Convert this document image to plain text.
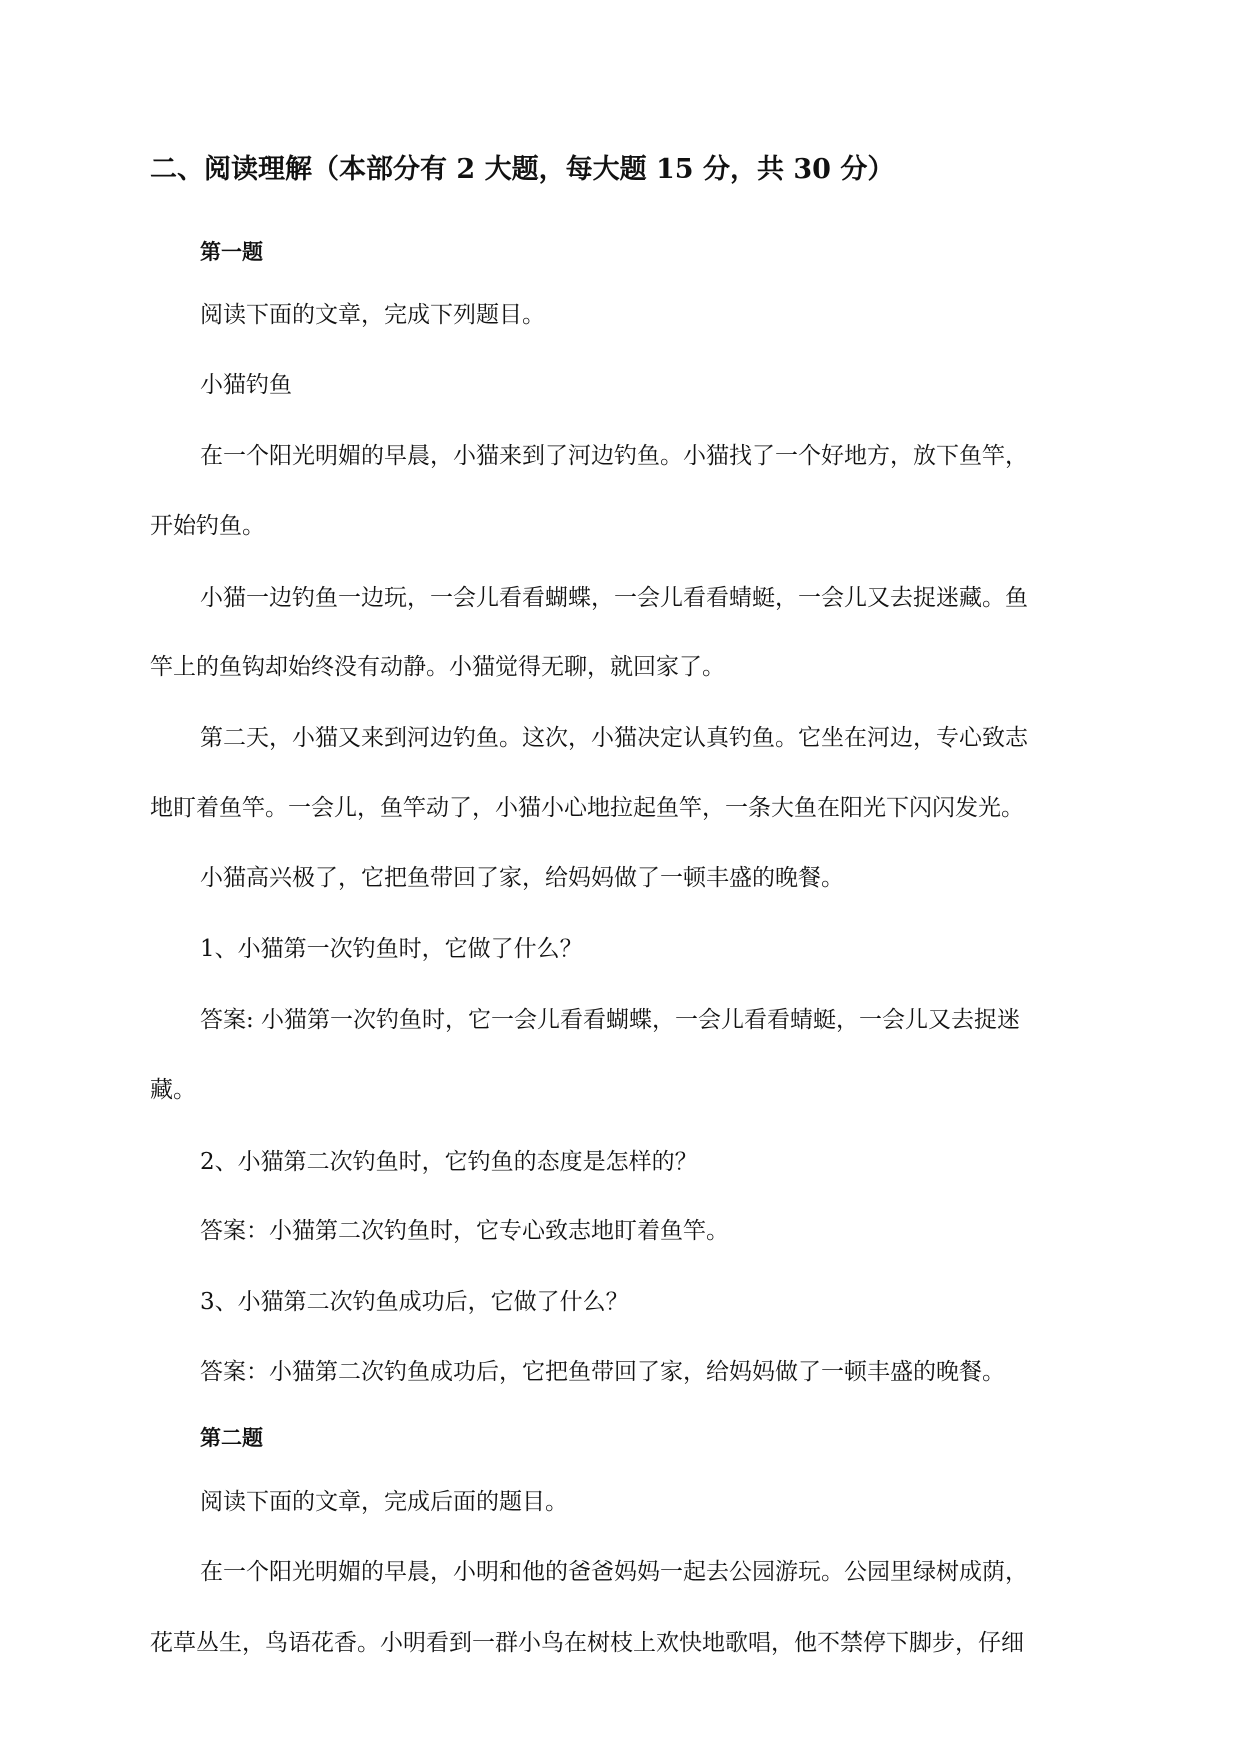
二、阅读理解（本部分有 2 大题，每大题 15 分，共 30 分）
第一题
阅读下面的文章，完成下列题目。
小猫钓鱼
在一个阳光明媚的早晨，小猫来到了河边钓鱼。小猫找了一个好地方，放下鱼竿，
开始钓鱼。
小猫一边钓鱼一边玩，一会儿看看蝴蝶，一会儿看看蜻蜓，一会儿又去捉迷藏。鱼
竿上的鱼钩却始终没有动静。小猫觉得无聊，就回家了。
第二天，小猫又来到河边钓鱼。这次，小猫决定认真钓鱼。它坐在河边，专心致志
地盯着鱼竿。一会儿，鱼竿动了，小猫小心地拉起鱼竿，一条大鱼在阳光下闪闪发光。
小猫高兴极了，它把鱼带回了家，给妈妈做了一顿丰盛的晚餐。
1、小猫第一次钓鱼时，它做了什么？
答案: 小猫第一次钓鱼时，它一会儿看看蝴蝶，一会儿看看蜻蜓，一会儿又去捉迷
藏。
2、小猫第二次钓鱼时，它钓鱼的态度是怎样的？
答案：小猫第二次钓鱼时，它专心致志地盯着鱼竿。
3、小猫第二次钓鱼成功后，它做了什么？
答案：小猫第二次钓鱼成功后，它把鱼带回了家，给妈妈做了一顿丰盛的晚餐。
第二题
阅读下面的文章，完成后面的题目。
在一个阳光明媚的早晨，小明和他的爸爸妈妈一起去公园游玩。公园里绿树成荫，
花草丛生，鸟语花香。小明看到一群小鸟在树枝上欢快地歌唱，他不禁停下脚步，仔细
